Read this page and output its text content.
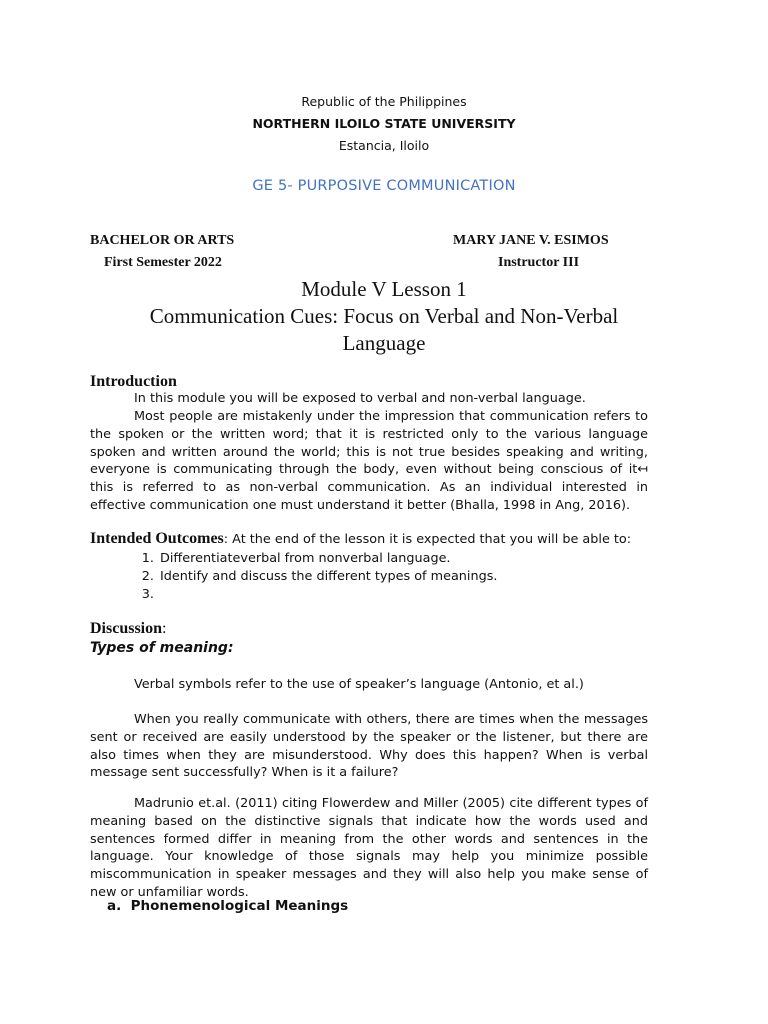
Republic of the Philippines

NORTHERN ILOILO STATE UNIVERSITY

Estancia, Iloilo

GE 5- PURPOSIVE COMMUNICATION

BACHELOR OR ARTS

First Semester 2022

MARY JANE V. ESIMOS

Instructor III

Module V Lesson 1

Communication Cues: Focus on Verbal and Non-Verbal

Language

Introduction

In this module you will be exposed to verbal and non-verbal language.

Most people are mistakenly under the impression that communication refers to the spoken or the written word; that it is restricted only to the various language spoken and written around the world; this is not true besides speaking and writing, everyone is communicating through the body, even without being conscious of it↤ this is referred to as non-verbal communication. As an individual interested in effective communication one must understand it better (Bhalla, 1998 in Ang, 2016).

Intended Outcomes: At the end of the lesson it is expected that you will be able to:

1. Differentiateverbal from nonverbal language.
2. Identify and discuss the different types of meanings.
3.

Discussion:

Types of meaning:

Verbal symbols refer to the use of speaker’s language (Antonio, et al.)

When you really communicate with others, there are times when the messages sent or received are easily understood by the speaker or the listener, but there are also times when they are misunderstood. Why does this happen? When is verbal message sent successfully? When is it a failure?

Madrunio et.al. (2011) citing Flowerdew and Miller (2005) cite different types of meaning based on the distinctive signals that indicate how the words used and sentences formed differ in meaning from the other words and sentences in the language. Your knowledge of those signals may help you minimize possible miscommunication in speaker messages and they will also help you make sense of new or unfamiliar words.

a. Phonemenological Meanings
